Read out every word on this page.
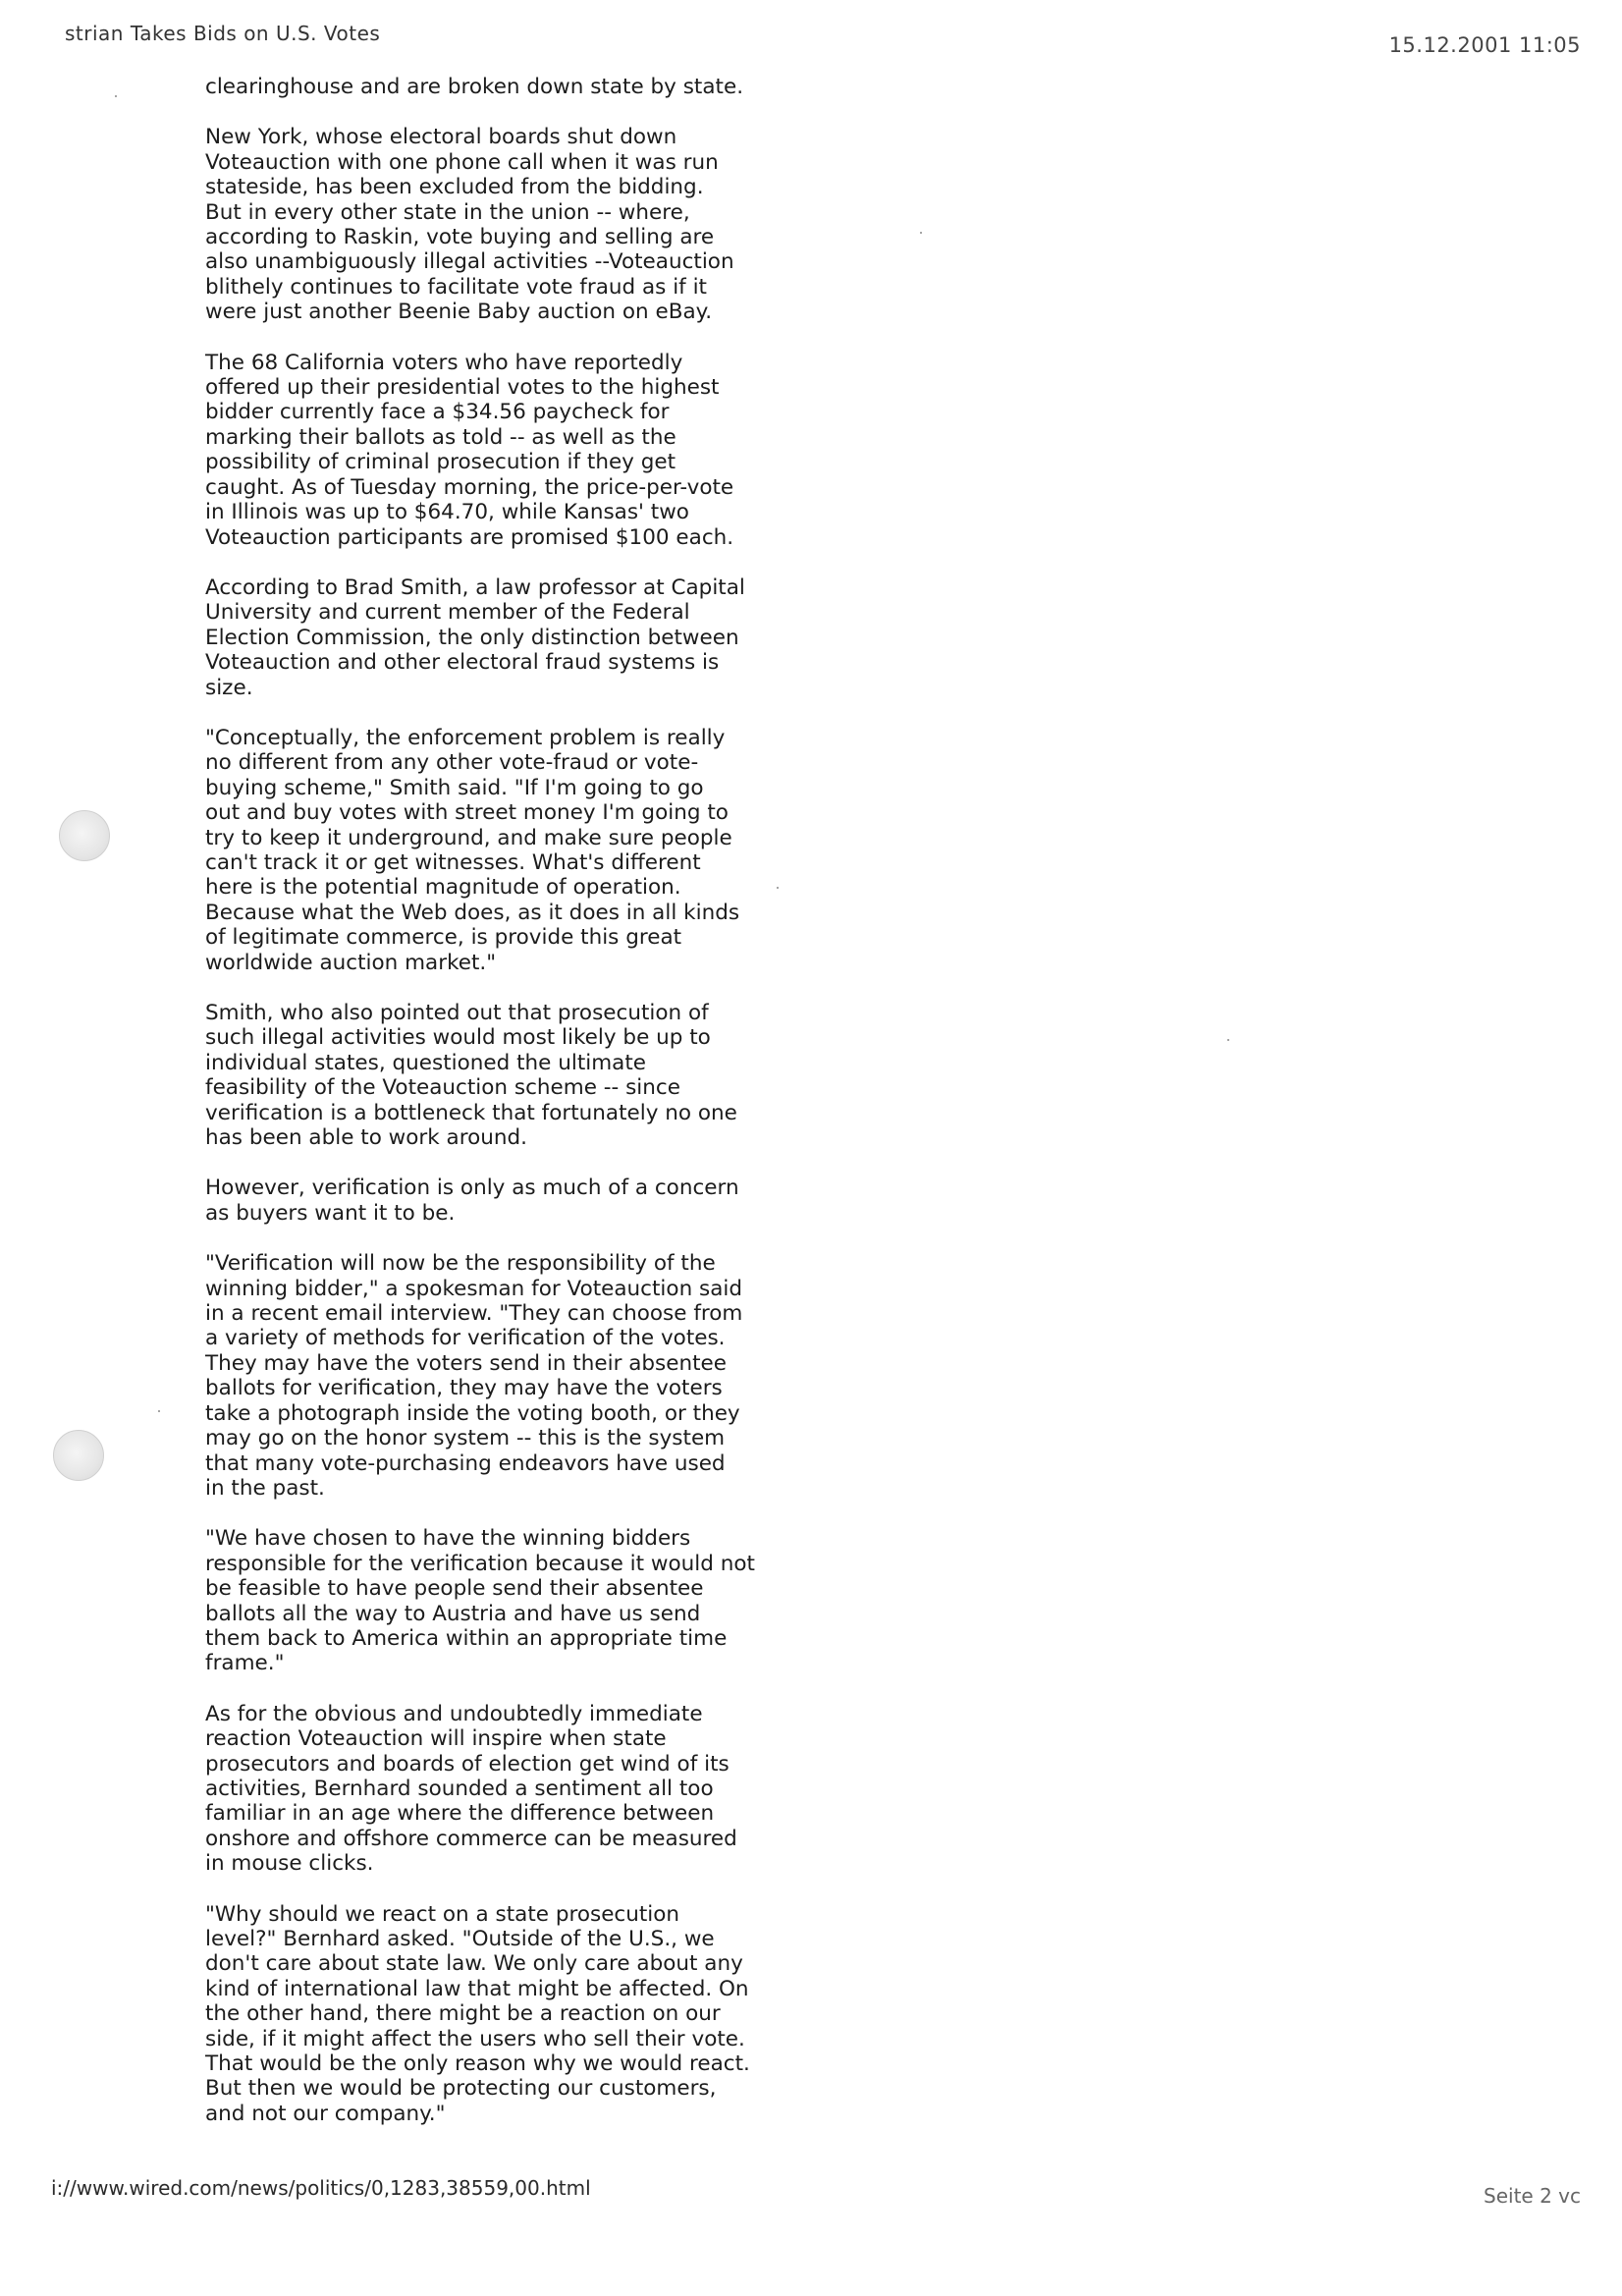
strian Takes Bids on U.S. Votes	15.12.2001 11:05

clearinghouse and are broken down state by state.

New York, whose electoral boards shut down
Voteauction with one phone call when it was run
stateside, has been excluded from the bidding.
But in every other state in the union -- where,
according to Raskin, vote buying and selling are
also unambiguously illegal activities --Voteauction
blithely continues to facilitate vote fraud as if it
were just another Beenie Baby auction on eBay.

The 68 California voters who have reportedly
offered up their presidential votes to the highest
bidder currently face a $34.56 paycheck for
marking their ballots as told -- as well as the
possibility of criminal prosecution if they get
caught. As of Tuesday morning, the price-per-vote
in Illinois was up to $64.70, while Kansas' two
Voteauction participants are promised $100 each.

According to Brad Smith, a law professor at Capital
University and current member of the Federal
Election Commission, the only distinction between
Voteauction and other electoral fraud systems is
size.

"Conceptually, the enforcement problem is really
no different from any other vote-fraud or vote-
buying scheme," Smith said. "If I'm going to go
out and buy votes with street money I'm going to
try to keep it underground, and make sure people
can't track it or get witnesses. What's different
here is the potential magnitude of operation.
Because what the Web does, as it does in all kinds
of legitimate commerce, is provide this great
worldwide auction market."

Smith, who also pointed out that prosecution of
such illegal activities would most likely be up to
individual states, questioned the ultimate
feasibility of the Voteauction scheme -- since
verification is a bottleneck that fortunately no one
has been able to work around.

However, verification is only as much of a concern
as buyers want it to be.

"Verification will now be the responsibility of the
winning bidder," a spokesman for Voteauction said
in a recent email interview. "They can choose from
a variety of methods for verification of the votes.
They may have the voters send in their absentee
ballots for verification, they may have the voters
take a photograph inside the voting booth, or they
may go on the honor system -- this is the system
that many vote-purchasing endeavors have used
in the past.

"We have chosen to have the winning bidders
responsible for the verification because it would not
be feasible to have people send their absentee
ballots all the way to Austria and have us send
them back to America within an appropriate time
frame."

As for the obvious and undoubtedly immediate
reaction Voteauction will inspire when state
prosecutors and boards of election get wind of its
activities, Bernhard sounded a sentiment all too
familiar in an age where the difference between
onshore and offshore commerce can be measured
in mouse clicks.

"Why should we react on a state prosecution
level?" Bernhard asked. "Outside of the U.S., we
don't care about state law. We only care about any
kind of international law that might be affected. On
the other hand, there might be a reaction on our
side, if it might affect the users who sell their vote.
That would be the only reason why we would react.
But then we would be protecting our customers,
and not our company."

i://www.wired.com/news/politics/0,1283,38559,00.html	Seite 2 vc
